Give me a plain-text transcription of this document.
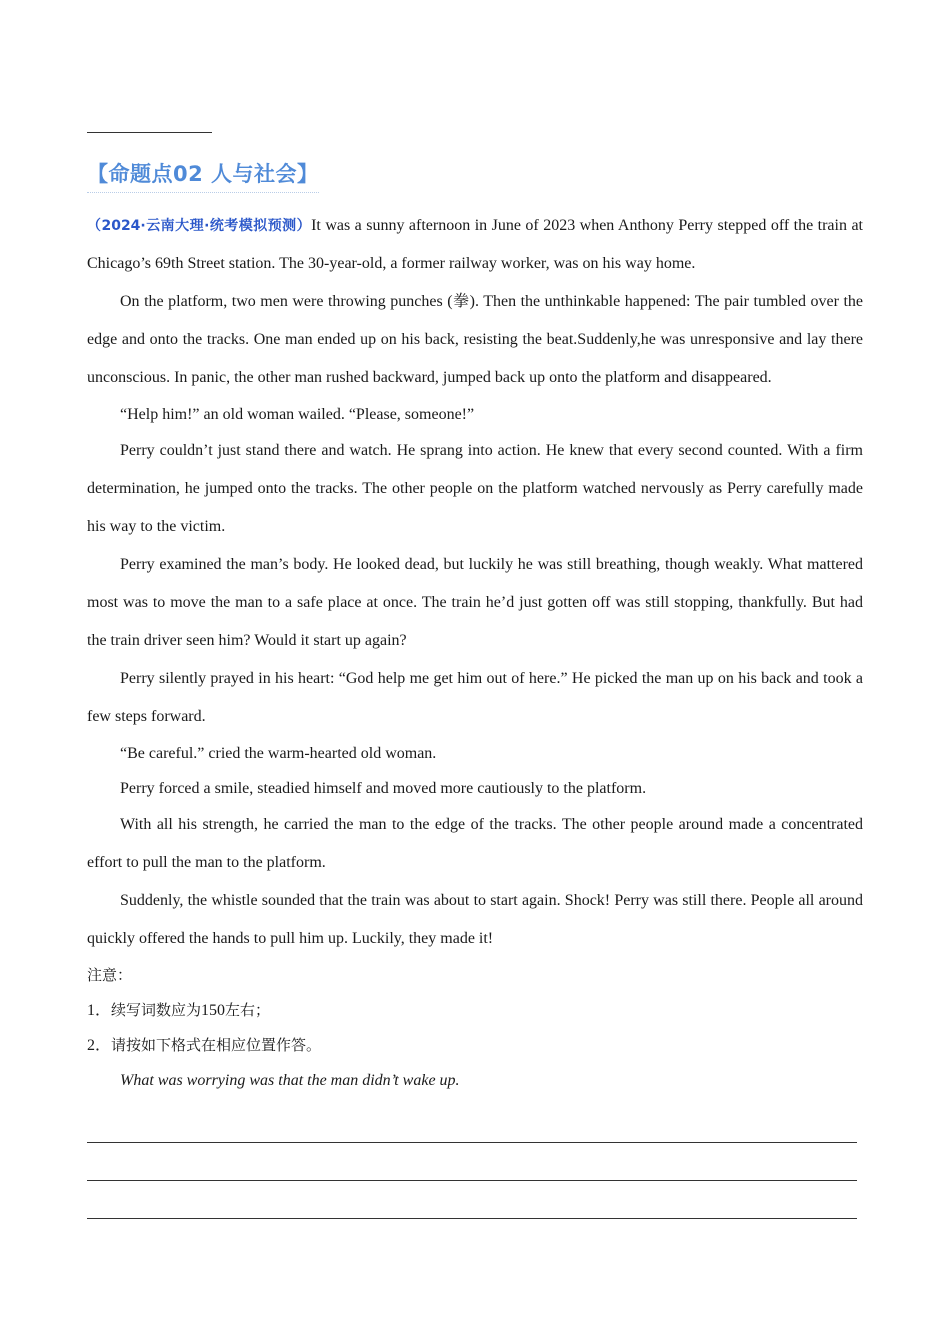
【命题点02 人与社会】

（2024·云南大理·统考模拟预测）It was a sunny afternoon in June of 2023 when Anthony Perry stepped off the train at Chicago’s 69th Street station. The 30-year-old, a former railway worker, was on his way home.

On the platform, two men were throwing punches (拳). Then the unthinkable happened: The pair tumbled over the edge and onto the tracks. One man ended up on his back, resisting the beat.Suddenly,he was unresponsive and lay there unconscious. In panic, the other man rushed backward, jumped back up onto the platform and disappeared.

“Help him!” an old woman wailed. “Please, someone!”

Perry couldn’t just stand there and watch. He sprang into action. He knew that every second counted. With a firm determination, he jumped onto the tracks. The other people on the platform watched nervously as Perry carefully made his way to the victim.

Perry examined the man’s body. He looked dead, but luckily he was still breathing, though weakly. What mattered most was to move the man to a safe place at once. The train he’d just gotten off was still stopping, thankfully. But had the train driver seen him? Would it start up again?

Perry silently prayed in his heart: “God help me get him out of here.” He picked the man up on his back and took a few steps forward.

“Be careful.” cried the warm-hearted old woman.

Perry forced a smile, steadied himself and moved more cautiously to the platform.

With all his strength, he carried the man to the edge of the tracks. The other people around made a concentrated effort to pull the man to the platform.

Suddenly, the whistle sounded that the train was about to start again. Shock! Perry was still there. People all around quickly offered the hands to pull him up. Luckily, they made it!

注意：

1．续写词数应为150左右；

2．请按如下格式在相应位置作答。

What was worrying was that the man didn’t wake up.
